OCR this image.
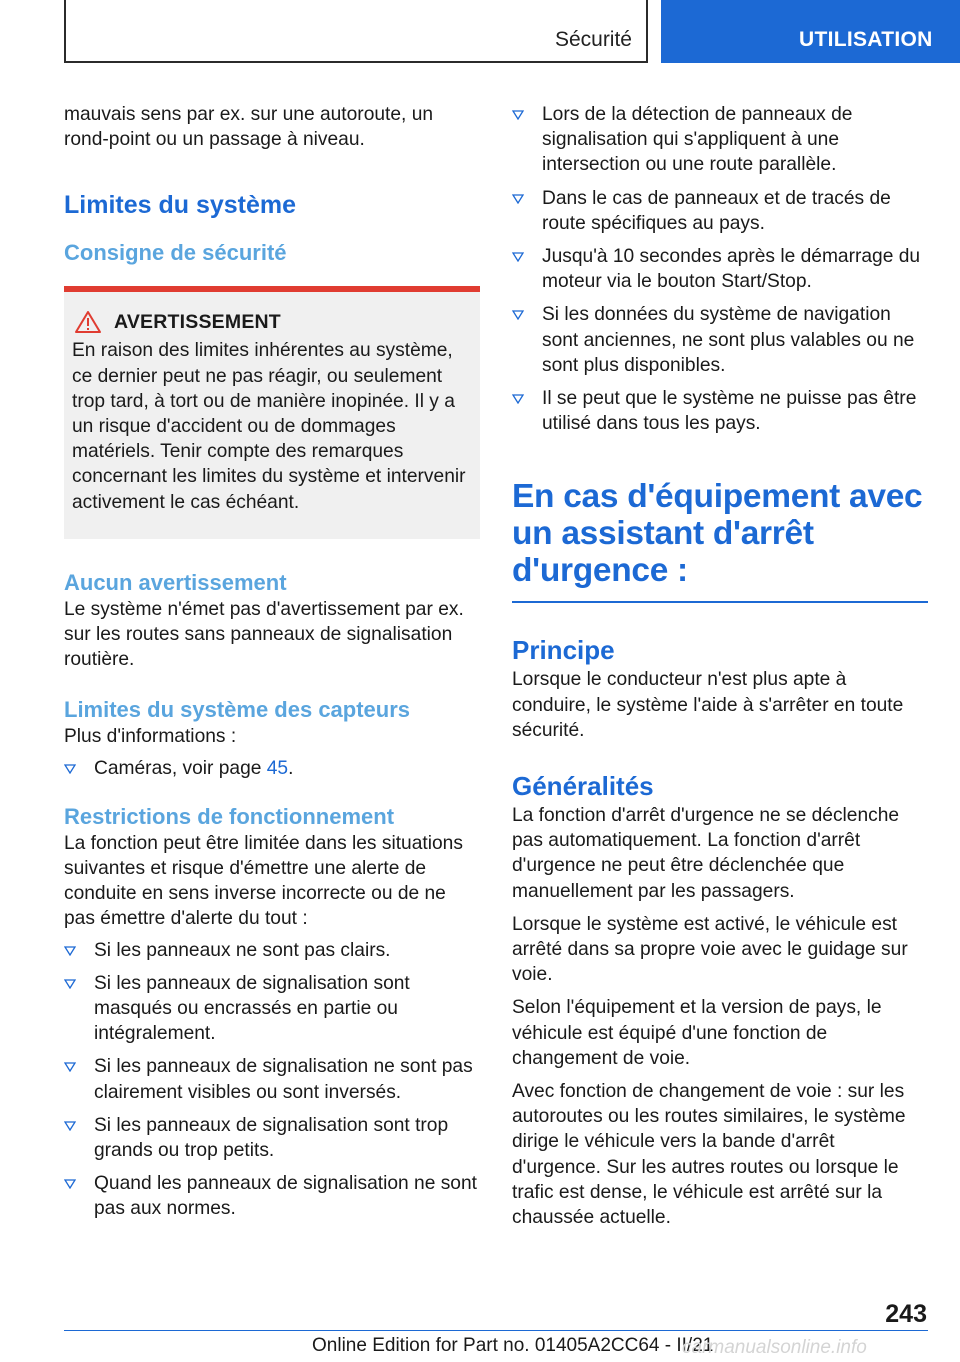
Sécurité	UTILISATION

mauvais sens par ex. sur une autoroute, un rond-point ou un passage à niveau.

Limites du système
Consigne de sécurité
AVERTISSEMENT

En raison des limites inhérentes au système, ce dernier peut ne pas réagir, ou seulement trop tard, à tort ou de manière inopinée. Il y a un risque d'accident ou de dommages matériels. Tenir compte des remarques concernant les limites du système et intervenir activement le cas échéant.

Aucun avertissement

Le système n'émet pas d'avertissement par ex. sur les routes sans panneaux de signalisation routière.

Limites du système des capteurs

Plus d'informations :

Caméras, voir page 45.
Restrictions de fonctionnement

La fonction peut être limitée dans les situations suivantes et risque d'émettre une alerte de conduite en sens inverse incorrecte ou de ne pas émettre d'alerte du tout :

Si les panneaux ne sont pas clairs.
Si les panneaux de signalisation sont masqués ou encrassés en partie ou intégralement.
Si les panneaux de signalisation ne sont pas clairement visibles ou sont inversés.
Si les panneaux de signalisation sont trop grands ou trop petits.
Quand les panneaux de signalisation ne sont pas aux normes.
Lors de la détection de panneaux de signalisation qui s'appliquent à une intersection ou une route parallèle.
Dans le cas de panneaux et de tracés de route spécifiques au pays.
Jusqu'à 10 secondes après le démarrage du moteur via le bouton Start/Stop.
Si les données du système de navigation sont anciennes, ne sont plus valables ou ne sont plus disponibles.
Il se peut que le système ne puisse pas être utilisé dans tous les pays.
En cas d'équipement avec un assistant d'arrêt d'urgence :
Principe

Lorsque le conducteur n'est plus apte à conduire, le système l'aide à s'arrêter en toute sécurité.

Généralités

La fonction d'arrêt d'urgence ne se déclenche pas automatiquement. La fonction d'arrêt d'urgence ne peut être déclenchée que manuellement par les passagers.

Lorsque le système est activé, le véhicule est arrêté dans sa propre voie avec le guidage sur voie.

Selon l'équipement et la version de pays, le véhicule est équipé d'une fonction de changement de voie.

Avec fonction de changement de voie : sur les autoroutes ou les routes similaires, le système dirige le véhicule vers la bande d'arrêt d'urgence. Sur les autres routes ou lorsque le trafic est dense, le véhicule est arrêté sur la chaussée actuelle.

243
Online Edition for Part no. 01405A2CC64 - II/21
carmanualsonline.info
